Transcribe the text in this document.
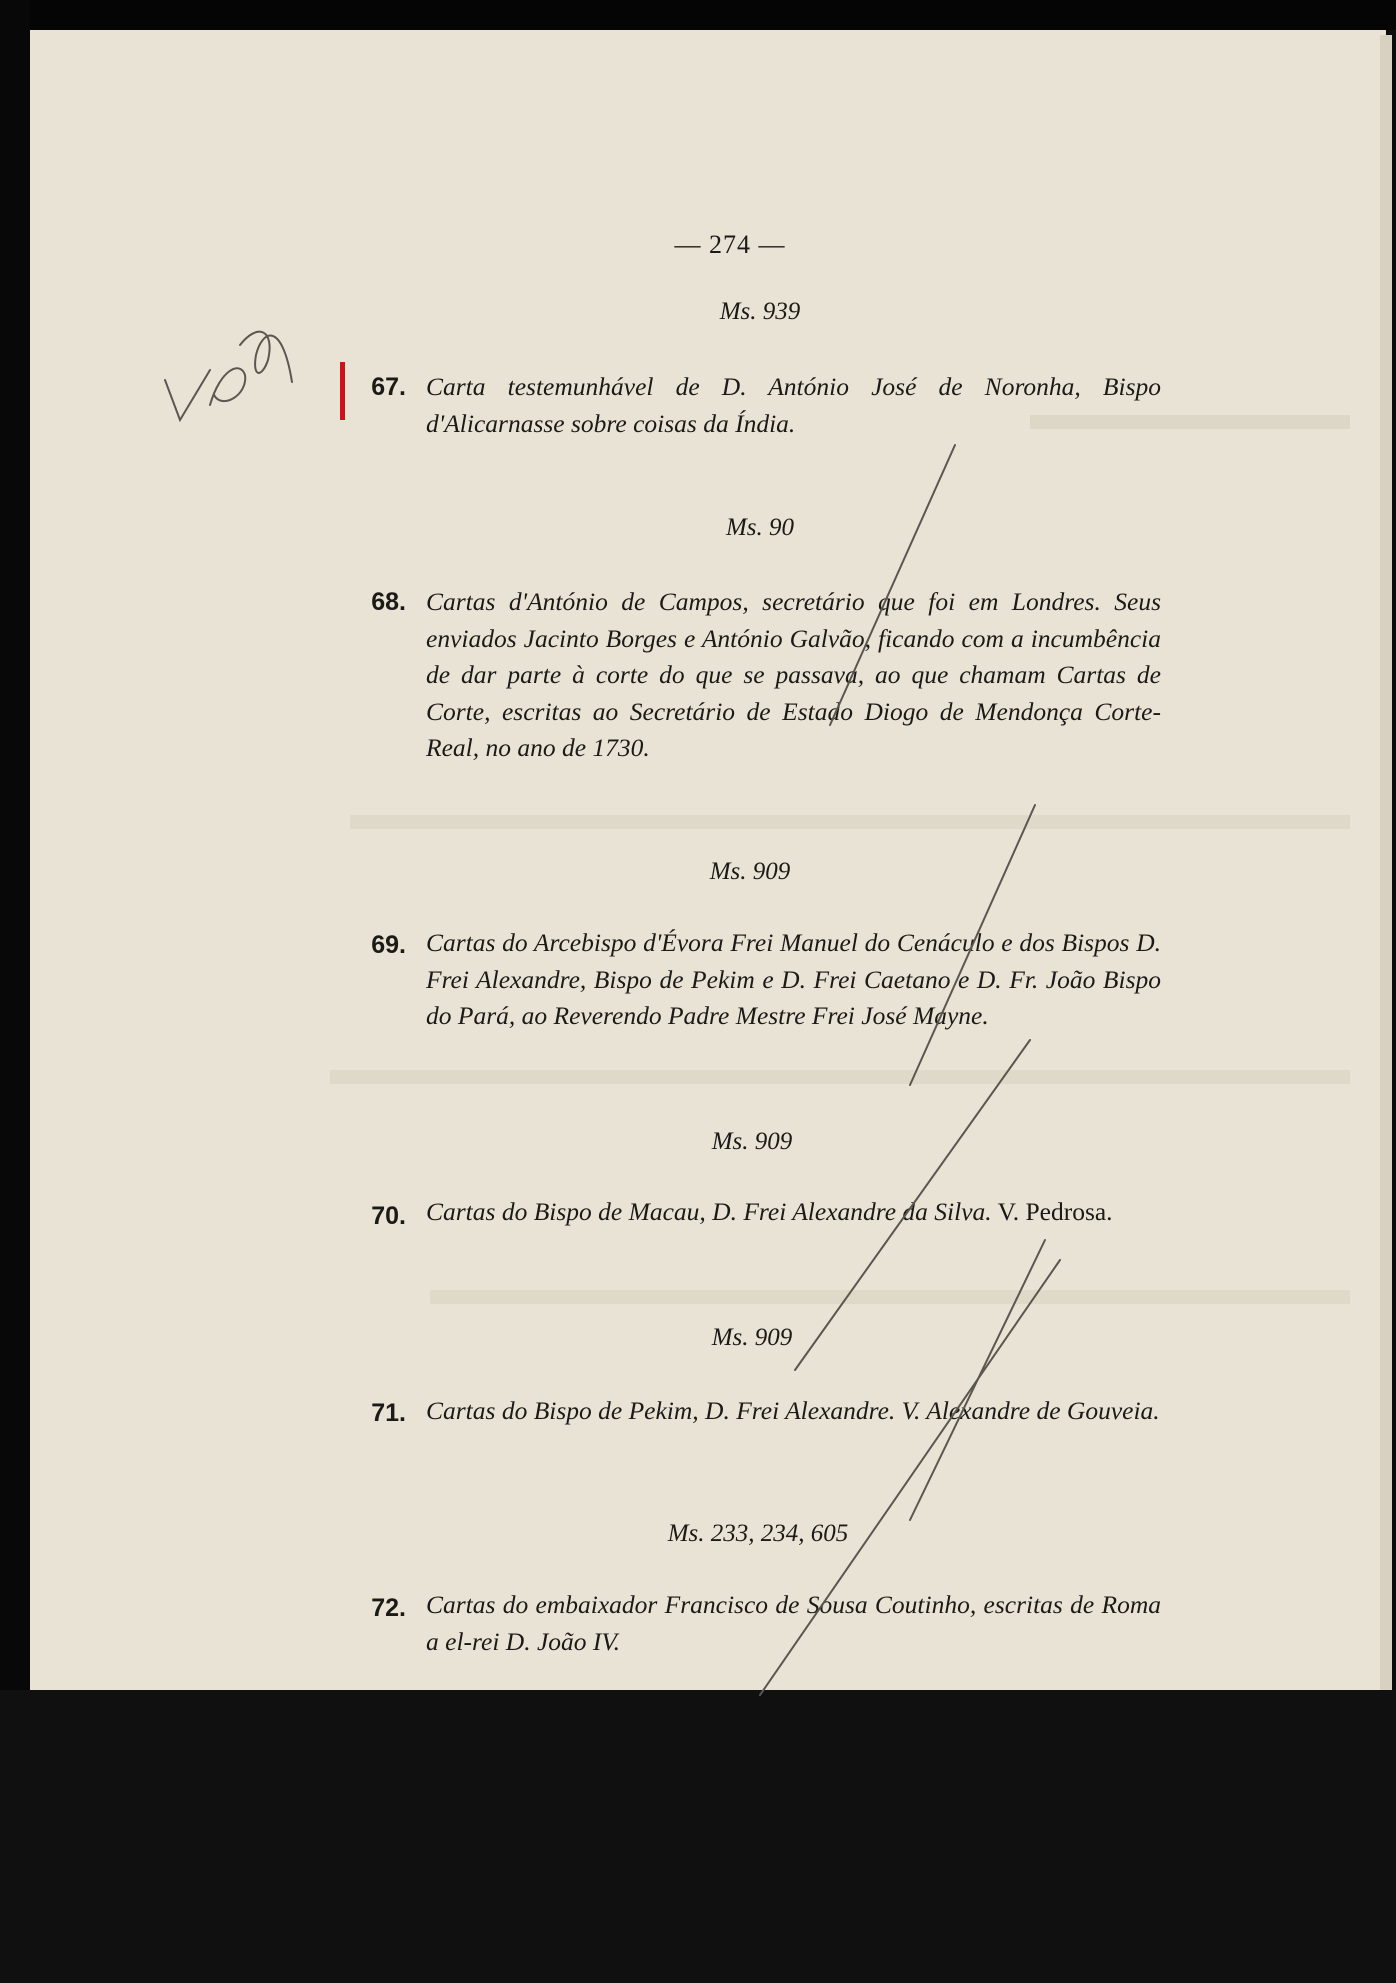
— 274 —
Ms. 939
67. Carta testemunhável de D. António José de Noronha, Bispo d'Alicarnasse sobre coisas da Índia.
Ms. 90
68. Cartas d'António de Campos, secretário que foi em Londres. Seus enviados Jacinto Borges e António Galvão, ficando com a incumbência de dar parte à corte do que se passava, ao que chamam Cartas de Corte, escritas ao Secretário de Estado Diogo de Mendonça Corte-Real, no ano de 1730.
Ms. 909
69. Cartas do Arcebispo d'Évora Frei Manuel do Cenáculo e dos Bispos D. Frei Alexandre, Bispo de Pekim e D. Frei Caetano e D. Fr. João Bispo do Pará, ao Reverendo Padre Mestre Frei José Mayne.
Ms. 909
70. Cartas do Bispo de Macau, D. Frei Alexandre da Silva. V. Pedrosa.
Ms. 909
71. Cartas do Bispo de Pekim, D. Frei Alexandre. V. Alexandre de Gouveia.
Ms. 233, 234, 605
72. Cartas do embaixador Francisco de Sousa Coutinho, escritas de Roma a el-rei D. João IV.
